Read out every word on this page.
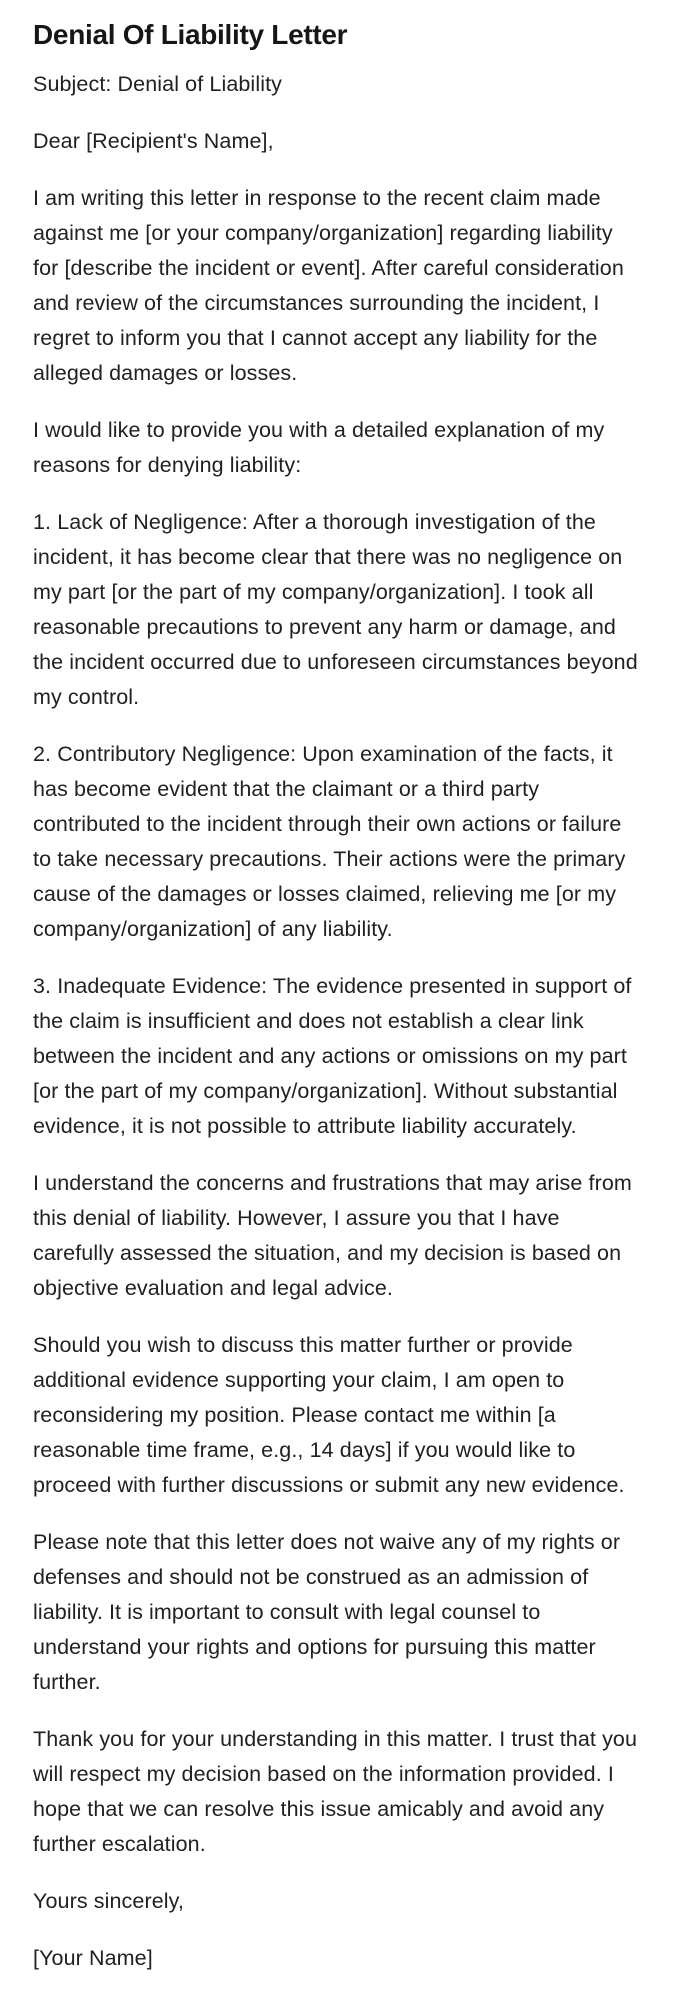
Denial Of Liability Letter

Subject: Denial of Liability

Dear [Recipient's Name],

I am writing this letter in response to the recent claim made against me [or your company/organization] regarding liability for [describe the incident or event]. After careful consideration and review of the circumstances surrounding the incident, I regret to inform you that I cannot accept any liability for the alleged damages or losses.

I would like to provide you with a detailed explanation of my reasons for denying liability:

1. Lack of Negligence: After a thorough investigation of the incident, it has become clear that there was no negligence on my part [or the part of my company/organization]. I took all reasonable precautions to prevent any harm or damage, and the incident occurred due to unforeseen circumstances beyond my control.

2. Contributory Negligence: Upon examination of the facts, it has become evident that the claimant or a third party contributed to the incident through their own actions or failure to take necessary precautions. Their actions were the primary cause of the damages or losses claimed, relieving me [or my company/organization] of any liability.

3. Inadequate Evidence: The evidence presented in support of the claim is insufficient and does not establish a clear link between the incident and any actions or omissions on my part [or the part of my company/organization]. Without substantial evidence, it is not possible to attribute liability accurately.

I understand the concerns and frustrations that may arise from this denial of liability. However, I assure you that I have carefully assessed the situation, and my decision is based on objective evaluation and legal advice.

Should you wish to discuss this matter further or provide additional evidence supporting your claim, I am open to reconsidering my position. Please contact me within [a reasonable time frame, e.g., 14 days] if you would like to proceed with further discussions or submit any new evidence.

Please note that this letter does not waive any of my rights or defenses and should not be construed as an admission of liability. It is important to consult with legal counsel to understand your rights and options for pursuing this matter further.

Thank you for your understanding in this matter. I trust that you will respect my decision based on the information provided. I hope that we can resolve this issue amicably and avoid any further escalation.

Yours sincerely,

[Your Name]
